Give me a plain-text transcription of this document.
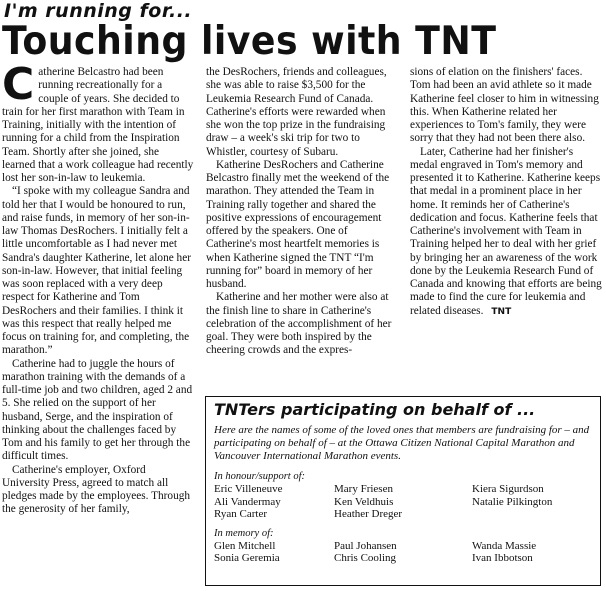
I'm running for...
Touching lives with TNT

Catherine Belcastro had been running recreationally for a couple of years. She decided to train for her first marathon with Team in Training, initially with the intention of running for a child from the Inspiration Team. Shortly after she joined, she learned that a work colleague had recently lost her son-in-law to leukemia.

“I spoke with my colleague Sandra and told her that I would be honoured to run, and raise funds, in memory of her son-in-law Thomas DesRochers. I initially felt a little uncomfortable as I had never met Sandra's daughter Katherine, let alone her son-in-law. However, that initial feeling was soon replaced with a very deep respect for Katherine and Tom DesRochers and their families. I think it was this respect that really helped me focus on training for, and completing, the marathon.”

Catherine had to juggle the hours of marathon training with the demands of a full-time job and two children, aged 2 and 5. She relied on the support of her husband, Serge, and the inspiration of thinking about the challenges faced by Tom and his family to get her through the difficult times.

Catherine's employer, Oxford University Press, agreed to match all pledges made by the employees. Through the generosity of her family,

the DesRochers, friends and colleagues, she was able to raise $3,500 for the Leukemia Research Fund of Canada. Catherine's efforts were rewarded when she won the top prize in the fundraising draw – a week's ski trip for two to Whistler, courtesy of Subaru.

Katherine DesRochers and Catherine Belcastro finally met the weekend of the marathon. They attended the Team in Training rally together and shared the positive expressions of encouragement offered by the speakers. One of Catherine's most heartfelt memories is when Katherine signed the TNT “I'm running for” board in memory of her husband.

Katherine and her mother were also at the finish line to share in Catherine's celebration of the accomplishment of her goal. They were both inspired by the cheering crowds and the expres-

sions of elation on the finishers' faces. Tom had been an avid athlete so it made Katherine feel closer to him in witnessing this. When Katherine related her experiences to Tom's family, they were sorry that they had not been there also.

Later, Catherine had her finisher's medal engraved in Tom's memory and presented it to Katherine. Katherine keeps that medal in a prominent place in her home. It reminds her of Catherine's dedication and focus. Katherine feels that Catherine's involvement with Team in Training helped her to deal with her grief by bringing her an awareness of the work done by the Leukemia Research Fund of Canada and knowing that efforts are being made to find the cure for leukemia and related diseases. TNT

TNTers participating on behalf of ...
Here are the names of some of the loved ones that members are fundraising for – and participating on behalf of – at the Ottawa Citizen National Capital Marathon and Vancouver International Marathon events.
In honour/support of:
Eric Villeneuve	Mary Friesen	Kiera Sigurdson
Ali Vandermay	Ken Veldhuis	Natalie Pilkington
Ryan Carter	Heather Dreger
In memory of:
Glen Mitchell	Paul Johansen	Wanda Massie
Sonia Geremia	Chris Cooling	Ivan Ibbotson
